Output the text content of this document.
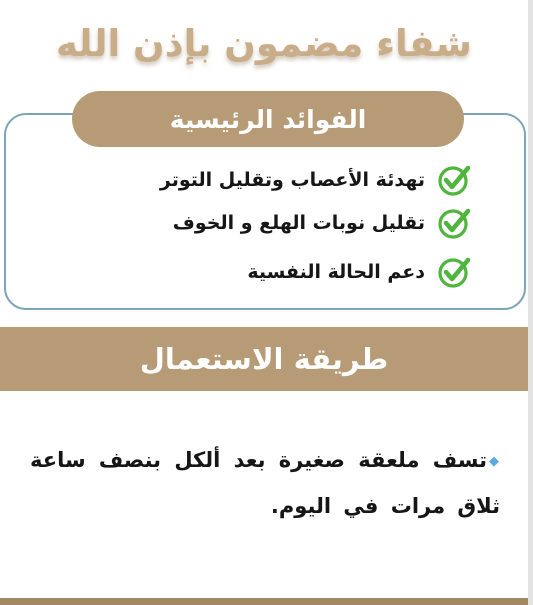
شفاء مضمون بإذن الله
الفوائد الرئيسية
تهدئة الأعصاب وتقليل التوتر
تقليل نوبات الهلع و الخوف
دعم الحالة النفسية
طريقة الاستعمال

◆تسف ملعقة صغيرة بعد ألكل بنصف ساعة ثلاق مرات في اليوم.
